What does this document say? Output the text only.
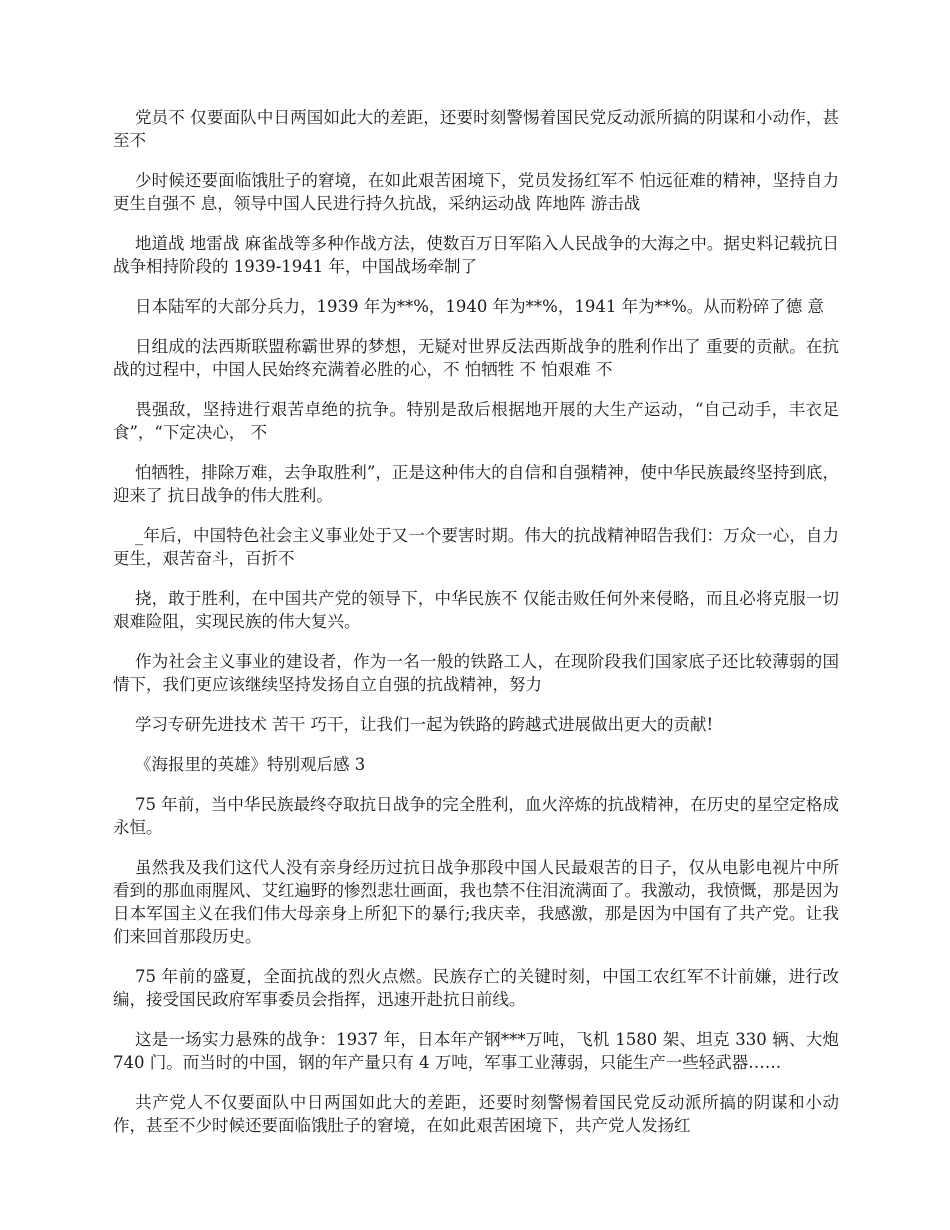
党员不 仅要面队中日两国如此大的差距，还要时刻警惕着国民党反动派所搞的阴谋和小动作，甚至不

少时候还要面临饿肚子的窘境，在如此艰苦困境下，党员发扬红军不 怕远征难的精神，坚持自力更生自强不 息，领导中国人民进行持久抗战，采纳运动战 阵地阵 游击战

地道战 地雷战 麻雀战等多种作战方法，使数百万日军陷入人民战争的大海之中。据史料记载抗日战争相持阶段的 1939-1941 年，中国战场牵制了

日本陆军的大部分兵力，1939 年为**%，1940 年为**%，1941 年为**%。从而粉碎了德 意

日组成的法西斯联盟称霸世界的梦想，无疑对世界反法西斯战争的胜利作出了 重要的贡献。在抗战的过程中，中国人民始终充满着必胜的心，不 怕牺牲 不 怕艰难 不

畏强敌，坚持进行艰苦卓绝的抗争。特别是敌后根据地开展的大生产运动，“自己动手，丰衣足食”，“下定决心， 不

怕牺牲，排除万难，去争取胜利”，正是这种伟大的自信和自强精神，使中华民族最终坚持到底，迎来了 抗日战争的伟大胜利。

_年后，中国特色社会主义事业处于又一个要害时期。伟大的抗战精神昭告我们：万众一心，自力更生，艰苦奋斗，百折不

挠，敢于胜利，在中国共产党的领导下，中华民族不 仅能击败任何外来侵略，而且必将克服一切艰难险阻，实现民族的伟大复兴。

作为社会主义事业的建设者，作为一名一般的铁路工人，在现阶段我们国家底子还比较薄弱的国情下，我们更应该继续坚持发扬自立自强的抗战精神，努力

学习专研先进技术 苦干 巧干，让我们一起为铁路的跨越式进展做出更大的贡献!

《海报里的英雄》特别观后感 3

75 年前，当中华民族最终夺取抗日战争的完全胜利，血火淬炼的抗战精神，在历史的星空定格成永恒。

虽然我及我们这代人没有亲身经历过抗日战争那段中国人民最艰苦的日子，仅从电影电视片中所看到的那血雨腥风、艾红遍野的惨烈悲壮画面，我也禁不住泪流满面了。我激动，我愤慨，那是因为日本军国主义在我们伟大母亲身上所犯下的暴行;我庆幸，我感激，那是因为中国有了共产党。让我们来回首那段历史。

75 年前的盛夏，全面抗战的烈火点燃。民族存亡的关键时刻，中国工农红军不计前嫌，进行改编，接受国民政府军事委员会指挥，迅速开赴抗日前线。

这是一场实力悬殊的战争：1937 年，日本年产钢***万吨，飞机 1580 架、坦克 330 辆、大炮 740 门。而当时的中国，钢的年产量只有 4 万吨，军事工业薄弱，只能生产一些轻武器……

共产党人不仅要面队中日两国如此大的差距，还要时刻警惕着国民党反动派所搞的阴谋和小动作，甚至不少时候还要面临饿肚子的窘境，在如此艰苦困境下，共产党人发扬红
